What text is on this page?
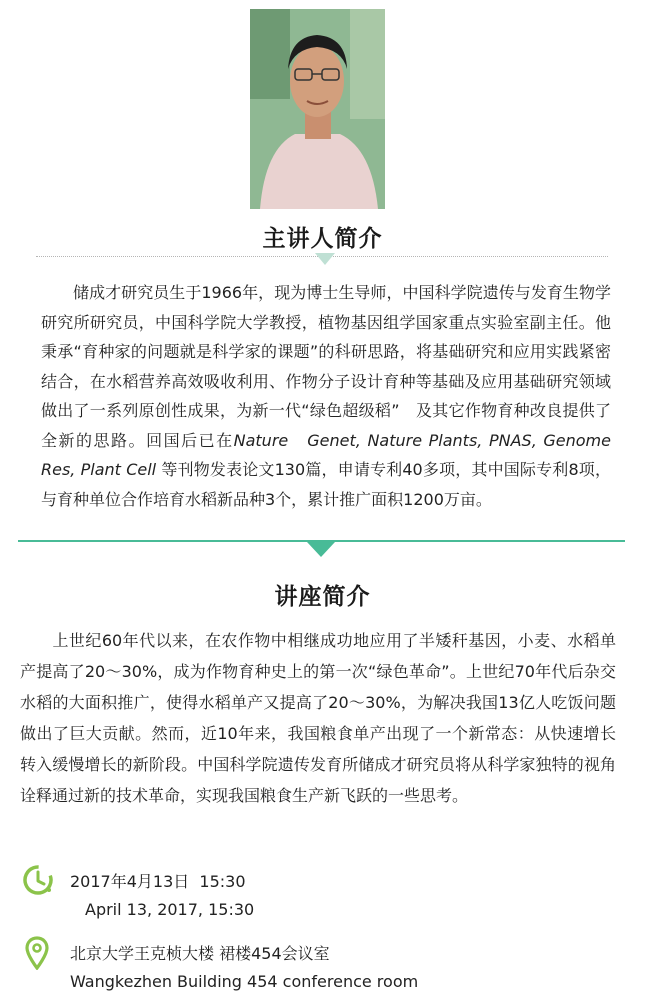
主讲人简介

储成才研究员生于1966年，现为博士生导师，中国科学院遗传与发育生物学研究所研究员，中国科学院大学教授，植物基因组学国家重点实验室副主任。他秉承“育种家的问题就是科学家的课题”的科研思路，将基础研究和应用实践紧密结合，在水稻营养高效吸收利用、作物分子设计育种等基础及应用基础研究领域做出了一系列原创性成果，为新一代“绿色超级稻”　及其它作物育种改良提供了全新的思路。回国后已在Nature　Genet, Nature Plants, PNAS, Genome Res, Plant Cell 等刊物发表论文130篇，申请专利40多项，其中国际专利8项，与育种单位合作培育水稻新品种3个，累计推广面积1200万亩。

讲座简介

上世纪60年代以来，在农作物中相继成功地应用了半矮秆基因，小麦、水稻单产提高了20～30%，成为作物育种史上的第一次“绿色革命”。上世纪70年代后杂交水稻的大面积推广，使得水稻单产又提高了20～30%，为解决我国13亿人吃饭问题做出了巨大贡献。然而，近10年来，我国粮食单产出现了一个新常态：从快速增长转入缓慢增长的新阶段。中国科学院遗传发育所储成才研究员将从科学家独特的视角诠释通过新的技术革命，实现我国粮食生产新飞跃的一些思考。

2017年4月13日  15:30
April 13, 2017, 15:30
北京大学王克桢大楼 裙楼454会议室
Wangkezhen Building 454 conference room
